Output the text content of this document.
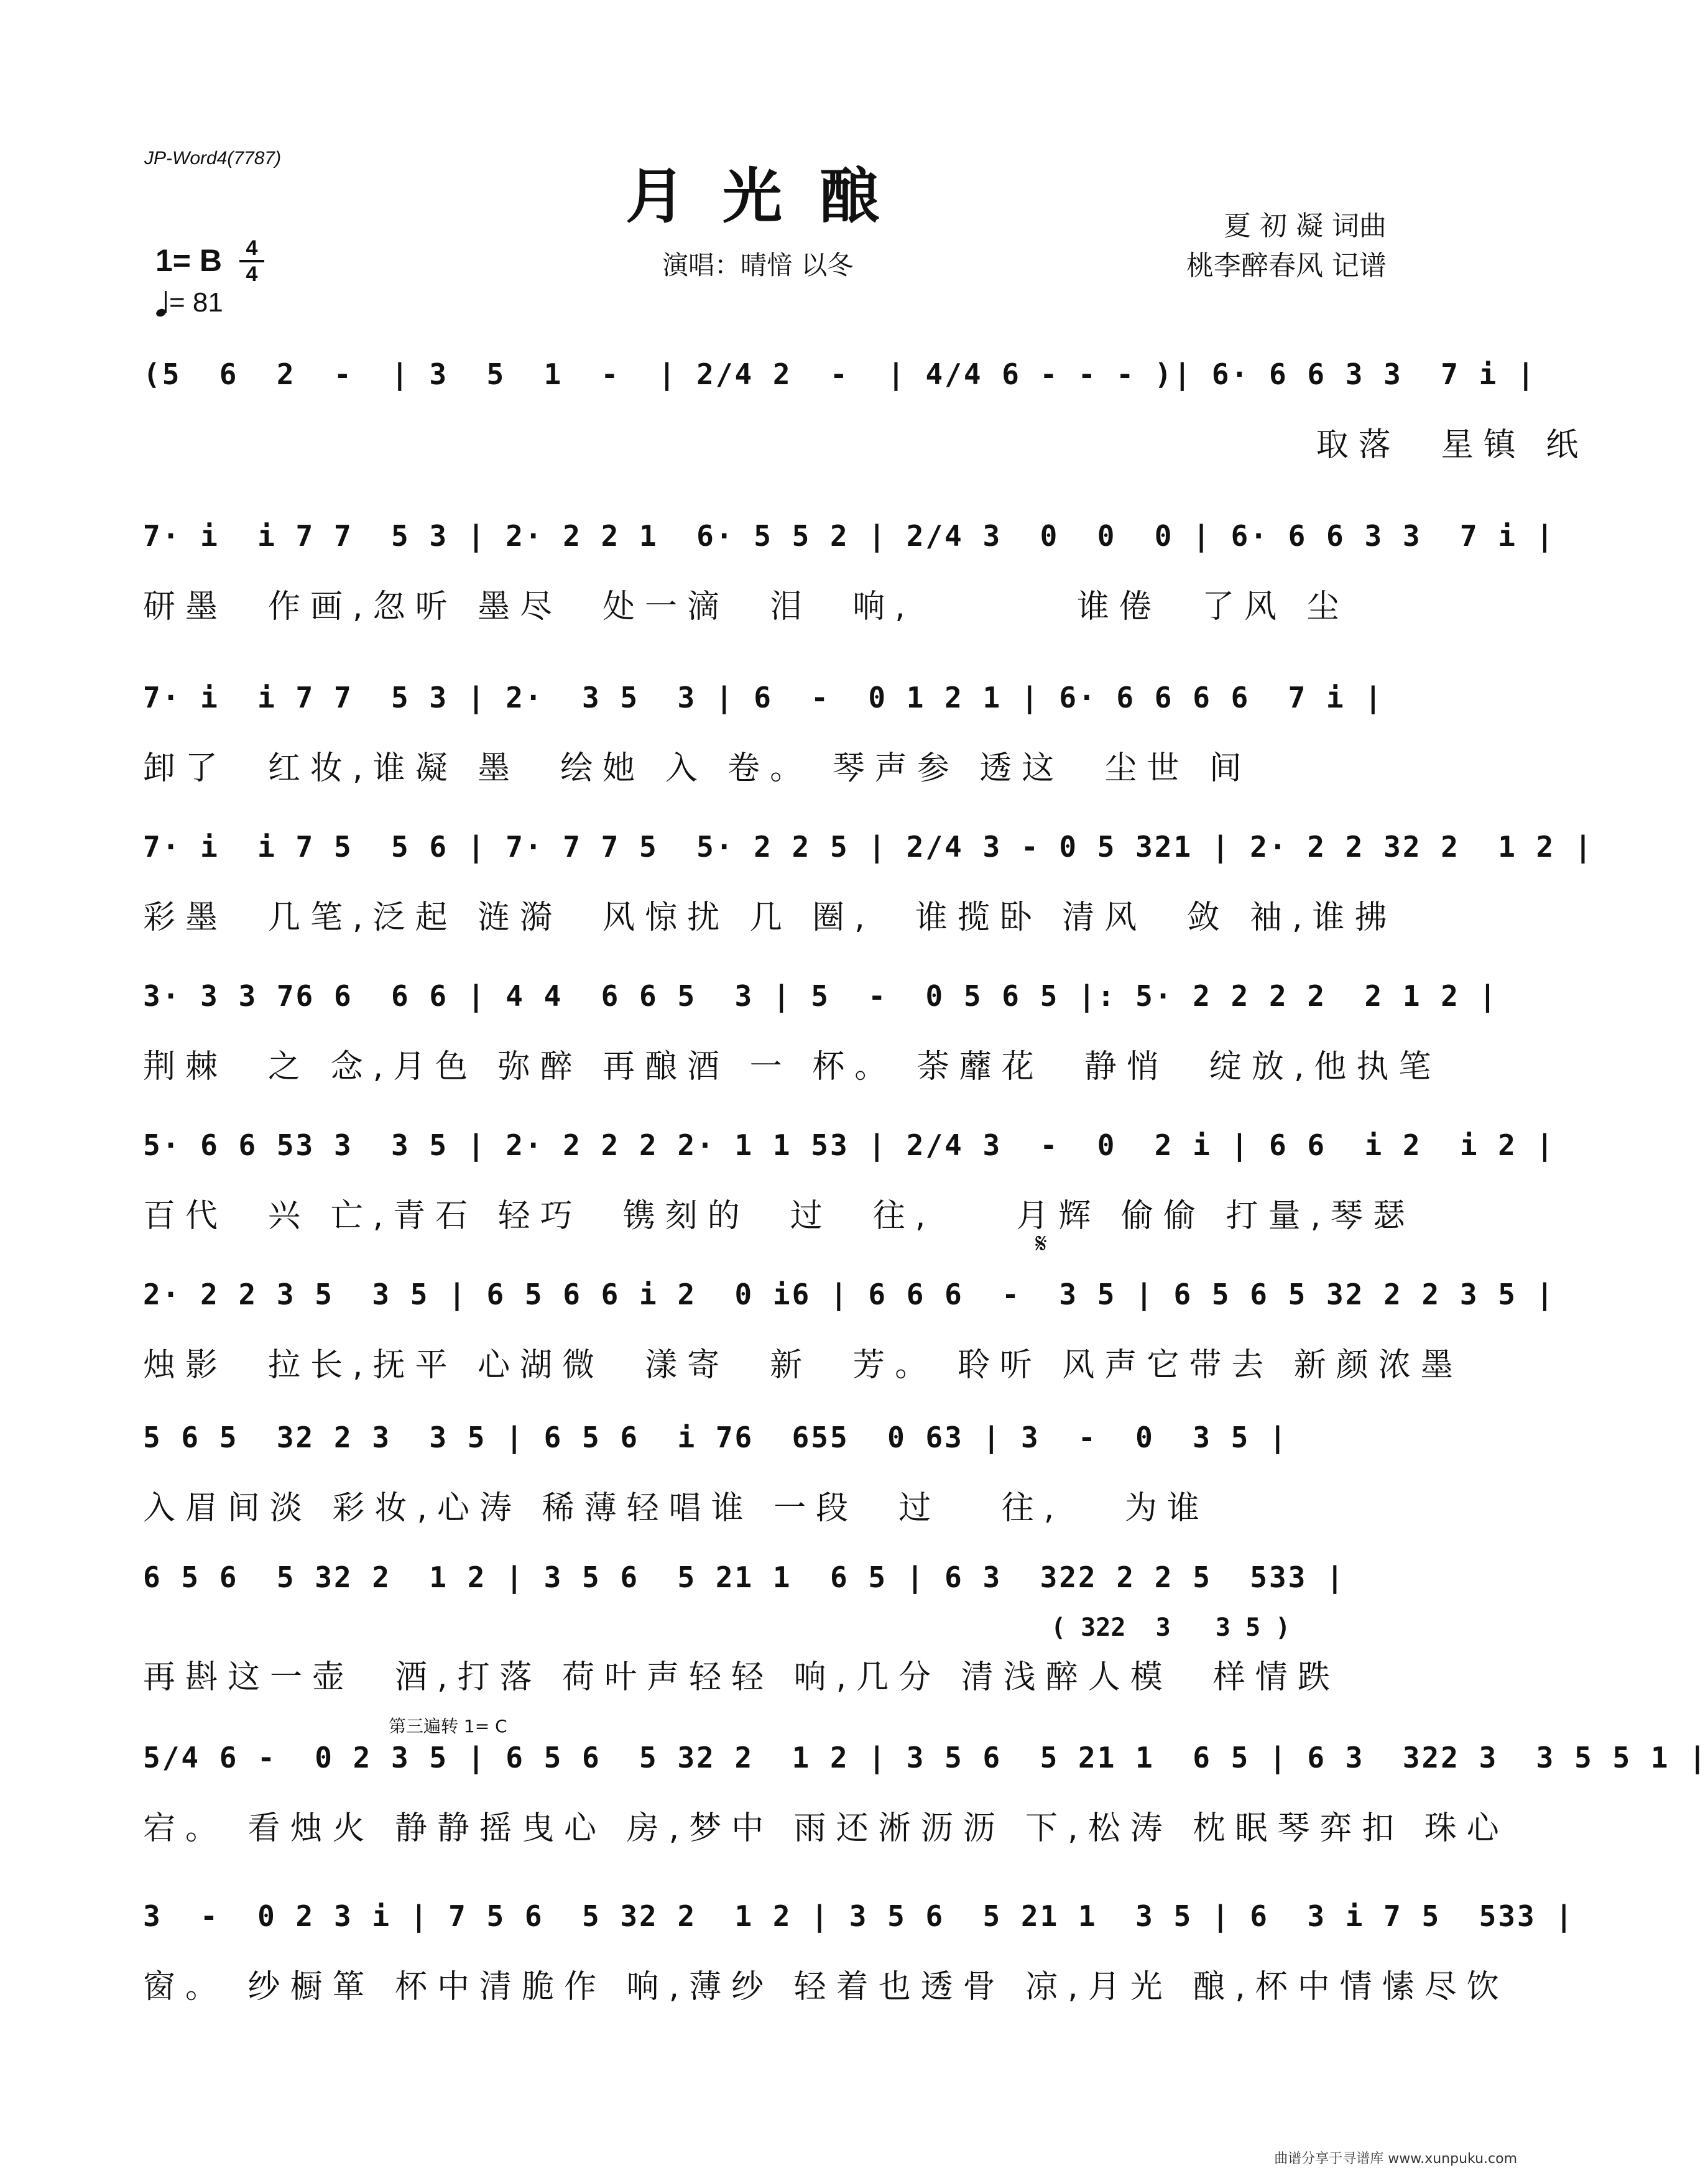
JP-Word4(7787)
月光酿	夏 初 凝 词曲
桃李醉春风 记谱
演唱：晴愔 以冬
1= B	4
4
= 81
(5  6  2  -  | 3  5  1  -  | 2/4 2  -  | 4/4 6 - - - )| 6· 6 6 3 3  7 i |
取落  星镇 纸
7· i  i 7 7  5 3 | 2· 2 2 1  6· 5 5 2 | 2/4 3  0  0  0 | 6· 6 6 3 3  7 i |
研墨  作画,忽听 墨尽  处一滴  泪  响,        谁倦  了风 尘
7· i  i 7 7  5 3 | 2·  3 5  3 | 6  -  0 1 2 1 | 6· 6 6 6 6  7 i |
卸了  红妆,谁凝 墨  绘她 入 卷。 琴声参 透这  尘世 间
7· i  i 7 5  5 6 | 7· 7 7 5  5· 2 2 5 | 2/4 3 - 0 5 321 | 2· 2 2 32 2  1 2 |
彩墨  几笔,泛起 涟漪  风惊扰 几 圈,  谁揽卧 清风  敛 袖,谁拂
3· 3 3 76 6  6 6 | 4 4  6 6 5  3 | 5  -  0 5 6 5 |: 5· 2 2 2 2  2 1 2 |
荆棘  之 念,月色 弥醉 再酿酒 一 杯。 荼蘼花  静悄  绽放,他执笔
5· 6 6 53 3  3 5 | 2· 2 2 2 2· 1 1 53 | 2/4 3  -  0  2 i | 6 6  i 2  i 2 |
百代  兴 亡,青石 轻巧  镌刻的  过  往,    月辉 偷偷 打量,琴瑟
𝄋
2· 2 2 3 5  3 5 | 6 5 6 6 i 2  0 i6 | 6 6 6  -  3 5 | 6 5 6 5 32 2 2 3 5 |
烛影  拉长,抚平 心湖微  漾寄  新  芳。 聆听 风声它带去 新颜浓墨
5 6 5  32 2 3  3 5 | 6 5 6  i 76  655  0 63 | 3  -  0  3 5 |
入眉间淡 彩妆,心涛 稀薄轻唱谁 一段  过   往,   为谁
6 5 6  5 32 2  1 2 | 3 5 6  5 21 1  6 5 | 6 3  322 2 2 5  533 |
再斟这一壶  酒,打落 荷叶声轻轻 响,几分 清浅醉人模  样情跌
( 322  3   3 5 )
第三遍转 1= C
5/4 6 -  0 2 3 5 | 6 5 6  5 32 2  1 2 | 3 5 6  5 21 1  6 5 | 6 3  322 3  3 5 5 1 |
宕。 看烛火 静静摇曳心 房,梦中 雨还淅沥沥 下,松涛 枕眠琴弈扣 珠心
3  -  0 2 3 i | 7 5 6  5 32 2  1 2 | 3 5 6  5 21 1  3 5 | 6  3 i 7 5  533 |
窗。 纱橱箪 杯中清脆作 响,薄纱 轻着也透骨 凉,月光 酿,杯中情愫尽饮
曲谱分享于寻谱库 www.xunpuku.com
